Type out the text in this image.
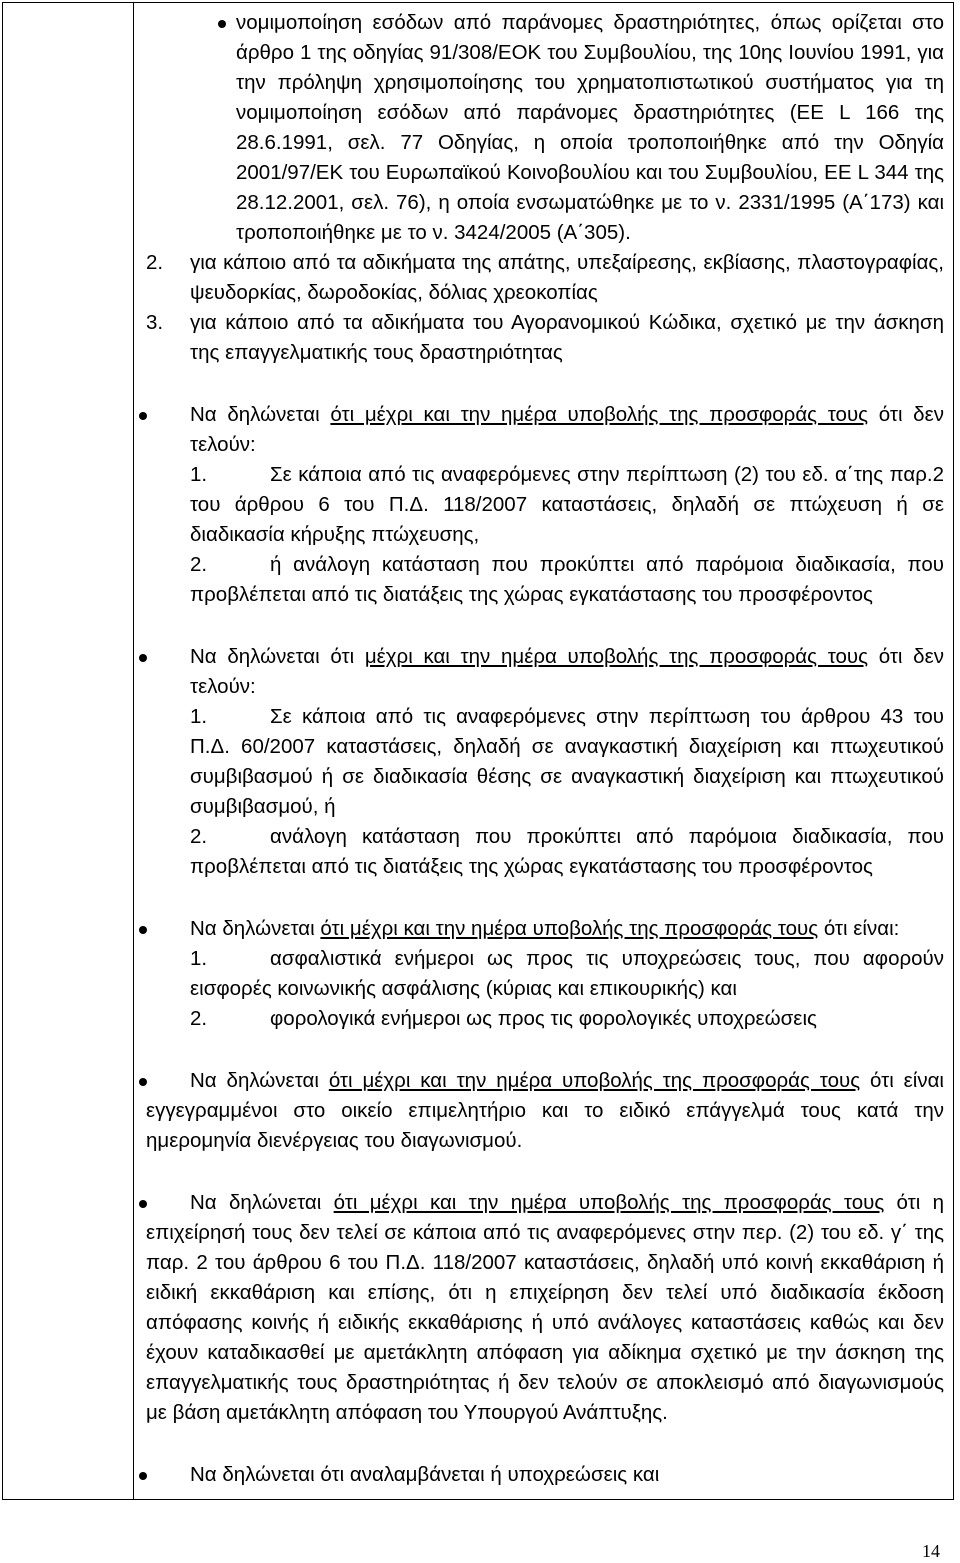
νομιμοποίηση εσόδων από παράνομες δραστηριότητες, όπως ορίζεται στο άρθρο 1 της οδηγίας 91/308/ΕΟΚ του Συμβουλίου, της 10ης Ιουνίου 1991, για την πρόληψη χρησιμοποίησης του χρηματοπιστωτικού συστήματος για τη νομιμοποίηση εσόδων από παράνομες δραστηριότητες (ΕΕ L 166 της 28.6.1991, σελ. 77 Οδηγίας, η οποία τροποποιήθηκε από την Οδηγία 2001/97/ΕΚ του Ευρωπαϊκού Κοινοβουλίου και του Συμβουλίου, ΕΕ L 344 της 28.12.2001, σελ. 76), η οποία ενσωματώθηκε με το ν. 2331/1995 (Α΄173) και τροποποιήθηκε με το ν. 3424/2005 (Α΄305).
2. για κάποιο από τα αδικήματα της απάτης, υπεξαίρεσης, εκβίασης, πλαστογραφίας, ψευδορκίας, δωροδοκίας, δόλιας χρεοκοπίας
3. για κάποιο από τα αδικήματα του Αγορανομικού Κώδικα, σχετικό με την άσκηση της επαγγελματικής τους δραστηριότητας
Να δηλώνεται ότι μέχρι και την ημέρα υποβολής της προσφοράς τους ότι δεν τελούν:
1.	Σε κάποια από τις αναφερόμενες στην περίπτωση (2) του εδ. α΄της παρ.2 του άρθρου 6 του Π.Δ. 118/2007 καταστάσεις, δηλαδή σε πτώχευση ή σε διαδικασία κήρυξης πτώχευσης,
2.	ή ανάλογη κατάσταση που προκύπτει από παρόμοια διαδικασία, που προβλέπεται από τις διατάξεις της χώρας εγκατάστασης του προσφέροντος
Να δηλώνεται ότι μέχρι και την ημέρα υποβολής της προσφοράς τους ότι δεν τελούν:
1.	Σε κάποια από τις αναφερόμενες στην περίπτωση του άρθρου 43 του Π.Δ. 60/2007 καταστάσεις, δηλαδή σε αναγκαστική διαχείριση και πτωχευτικού συμβιβασμού ή σε διαδικασία θέσης σε αναγκαστική διαχείριση και πτωχευτικού συμβιβασμού, ή
2.	ανάλογη κατάσταση που προκύπτει από παρόμοια διαδικασία, που προβλέπεται από τις διατάξεις της χώρας εγκατάστασης του προσφέροντος
Να δηλώνεται ότι μέχρι και την ημέρα υποβολής της προσφοράς τους ότι είναι:
1.	ασφαλιστικά ενήμεροι ως προς τις υποχρεώσεις τους, που αφορούν εισφορές κοινωνικής ασφάλισης (κύριας και επικουρικής) και
2.	φορολογικά ενήμεροι ως προς τις φορολογικές υποχρεώσεις
Να δηλώνεται ότι μέχρι και την ημέρα υποβολής της προσφοράς τους ότι είναι εγγεγραμμένοι στο οικείο επιμελητήριο και το ειδικό επάγγελμά τους κατά την ημερομηνία διενέργειας του διαγωνισμού.
Να δηλώνεται ότι μέχρι και την ημέρα υποβολής της προσφοράς τους ότι η επιχείρησή τους δεν τελεί σε κάποια από τις αναφερόμενες στην περ. (2) του εδ. γ΄ της παρ. 2 του άρθρου 6 του Π.Δ. 118/2007 καταστάσεις, δηλαδή υπό κοινή εκκαθάριση ή ειδική εκκαθάριση και επίσης, ότι η επιχείρηση δεν τελεί υπό διαδικασία έκδοση απόφασης κοινής ή ειδικής εκκαθάρισης ή υπό ανάλογες καταστάσεις καθώς και δεν έχουν καταδικασθεί με αμετάκλητη απόφαση για αδίκημα σχετικό με την άσκηση της επαγγελματικής τους δραστηριότητας ή δεν τελούν σε αποκλεισμό από διαγωνισμούς με βάση αμετάκλητη απόφαση του Υπουργού Ανάπτυξης.
Να δηλώνεται ότι αναλαμβάνεται ή υποχρεώσεις και
14
